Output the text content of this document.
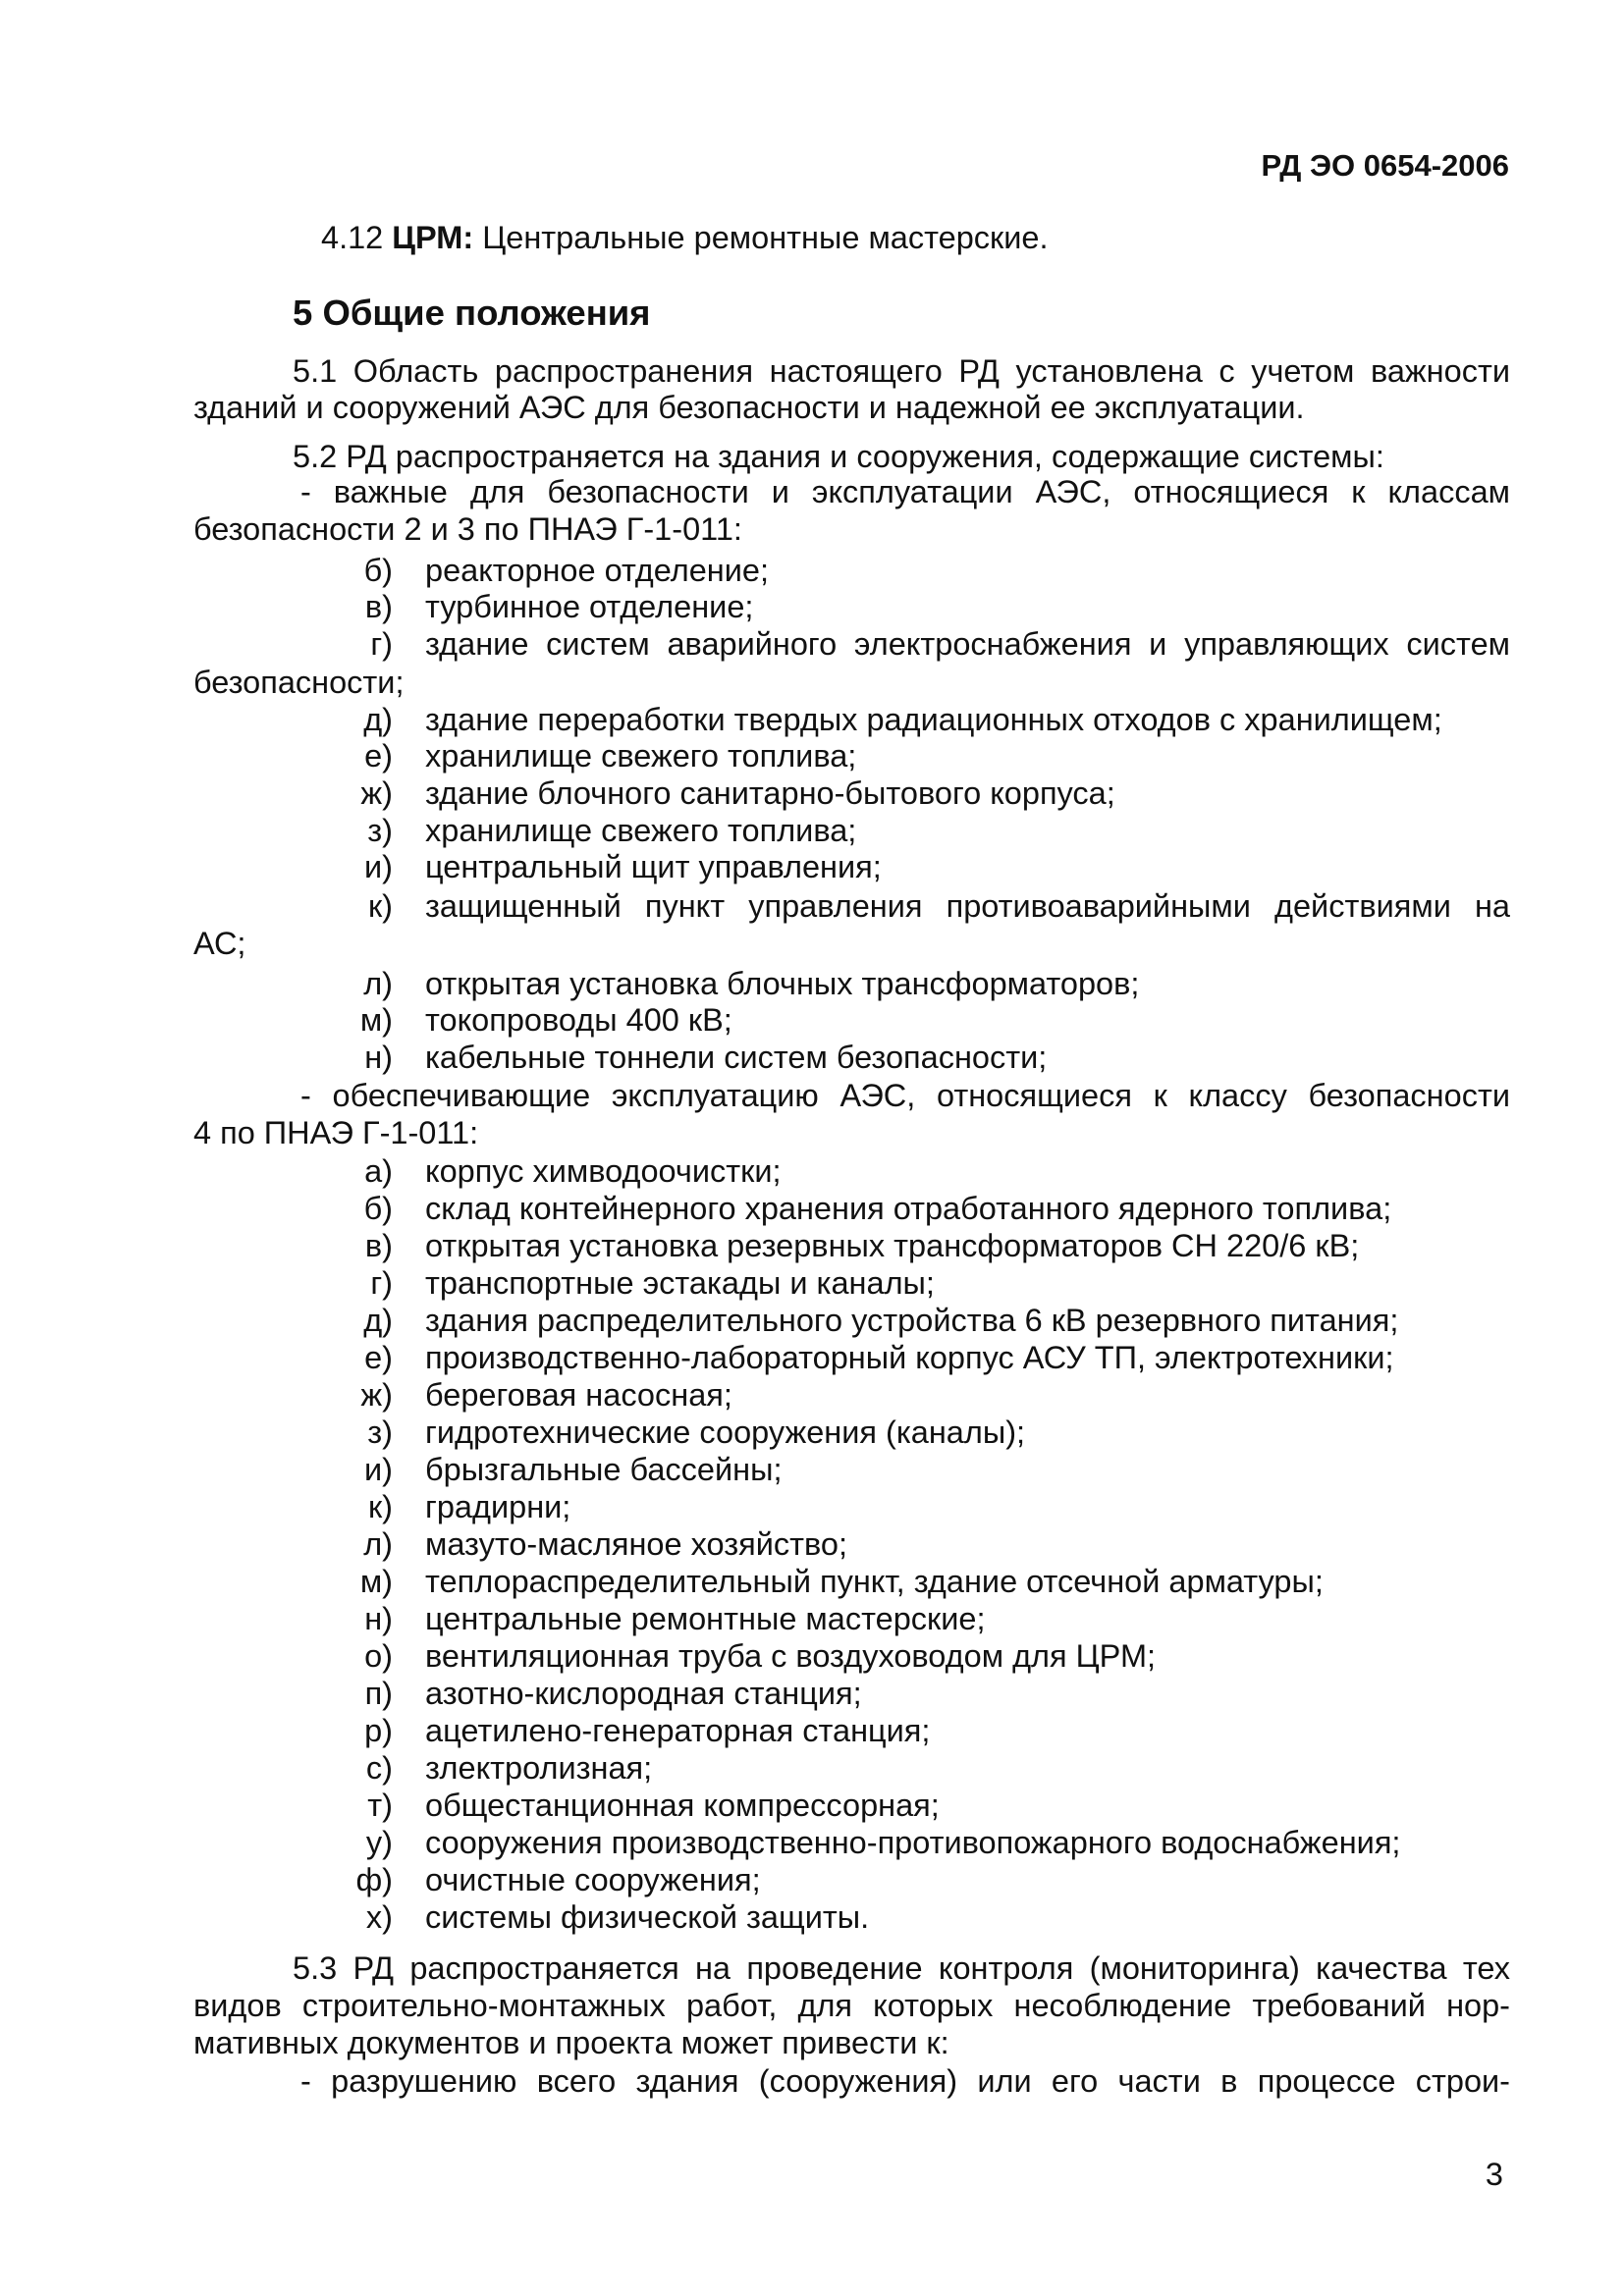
РД ЭО 0654-2006
4.12 ЦРМ: Центральные ремонтные мастерские.
5 Общие положения
5.1 Область распространения настоящего РД установлена с учетом важности
зданий и сооружений АЭС для безопасности и надежной ее эксплуатации.
5.2 РД распространяется на здания и сооружения, содержащие системы:
- важные для безопасности и эксплуатации АЭС, относящиеся к классам
безопасности 2 и 3 по ПНАЭ Г-1-011:
б) реакторное отделение;
в) турбинное отделение;
г) здание систем аварийного электроснабжения и управляющих систем
безопасности;
д) здание переработки твердых радиационных отходов с хранилищем;
е) хранилище свежего топлива;
ж) здание блочного санитарно-бытового корпуса;
з) хранилище свежего топлива;
и) центральный щит управления;
к) защищенный пункт управления противоаварийными действиями на
АС;
л) открытая установка блочных трансформаторов;
м) токопроводы 400 кВ;
н) кабельные тоннели систем безопасности;
- обеспечивающие эксплуатацию АЭС, относящиеся к классу безопасности
4 по ПНАЭ Г-1-011:
а) корпус химводоочистки;
б) склад контейнерного хранения отработанного ядерного топлива;
в) открытая установка резервных трансформаторов СН 220/6 кВ;
г) транспортные эстакады и каналы;
д) здания распределительного устройства 6 кВ резервного питания;
е) производственно-лабораторный корпус АСУ ТП, электротехники;
ж) береговая насосная;
з) гидротехнические сооружения (каналы);
и) брызгальные бассейны;
к) градирни;
л) мазуто-масляное хозяйство;
м) теплораспределительный пункт, здание отсечной арматуры;
н) центральные ремонтные мастерские;
о) вентиляционная труба с воздуховодом для ЦРМ;
п) азотно-кислородная станция;
р) ацетилено-генераторная станция;
с) злектролизная;
т) общестанционная компрессорная;
у) сооружения производственно-противопожарного водоснабжения;
ф) очистные сооружения;
х) системы физической защиты.
5.3 РД распространяется на проведение контроля (мониторинга) качества тех
видов строительно-монтажных работ, для которых несоблюдение требований нор-
мативных документов и проекта может привести к:
- разрушению всего здания (сооружения) или его части в процессе строи-
3
